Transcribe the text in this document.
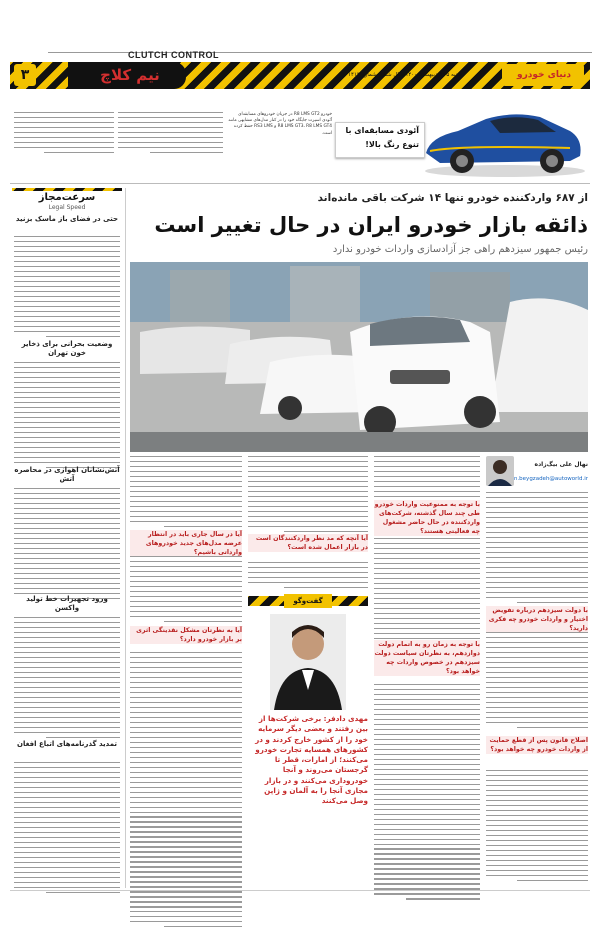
CLUTCH CONTROL
نیم کلاچ
۳	دنیای خودرو
شنبه ۲۵ اردیبهشت ۱۴۰۰ سال ششم شماره ۱۴۱۳
آئودی مسابقه‌ای با تنوع رنگ بالا!
خودرو R8 LMS GT2 در جریان خودروهای مسابقه‌ای آئودی اسپرت جایگاه خود را در کنار مدل‌های مشابهی مانند R8 LMS GT3، R8 LMS GT4 و RS3 LMS حفظ کرده است.
از ۶۸۷ واردکننده خودرو تنها ۱۴ شرکت باقی مانده‌اند
ذائقه بازار خودرو ایران در حال تغییر است
رئیس جمهور سیزدهم راهی جز آزادسازی واردات خودرو ندارد
سرعت‌مجاز
Legal Speed
حتی در فضای باز ماسک بزنید
وضعیت بحرانی برای ذخایر خون تهران
آتش‌نشانان اهوازی در محاصره آتش
ورود تجهیزات خط تولید واکسن
تمدید گذرنامه‌های اتباع افغان
نهال علی بیگ‌زاده
n.beygzadeh@autoworld.ir
با دولت سیزدهم درباره تفویض اختیار و واردات خودرو چه فکری دارید؟
اصلاح قانون پس از قطع حمایت از واردات خودرو چه خواهد بود؟
با توجه به ممنوعیت واردات خودرو طی چند سال گذشته، شرکت‌های واردکننده در حال حاضر مشغول چه فعالیتی هستند؟
با توجه به زمان رو به اتمام دولت دوازدهم، به نظرتان سیاست دولت سیزدهم در خصوص واردات چه خواهد بود؟
آیا آنچه که مد نظر واردکنندگان است در بازار اعمال شده است؟
گفت‌وگو
مهدی دادفر: برخی شرکت‌ها از بین رفتند و بعضی دیگر سرمایه خود را از کشور خارج کردند و در کشورهای همسایه تجارت خودرو می‌کنند؛ از امارات، قطر تا گرجستان می‌روند و آنجا خودروداری می‌کنند و در بازار مجازی آنجا را به آلمان و ژاپن وصل می‌کنند
آیا در سال جاری باید در انتظار عرضه مدل‌های جدید خودروهای وارداتی باشیم؟
آیا به نظرتان مشکل نقدینگی اثری بر بازار خودرو دارد؟
